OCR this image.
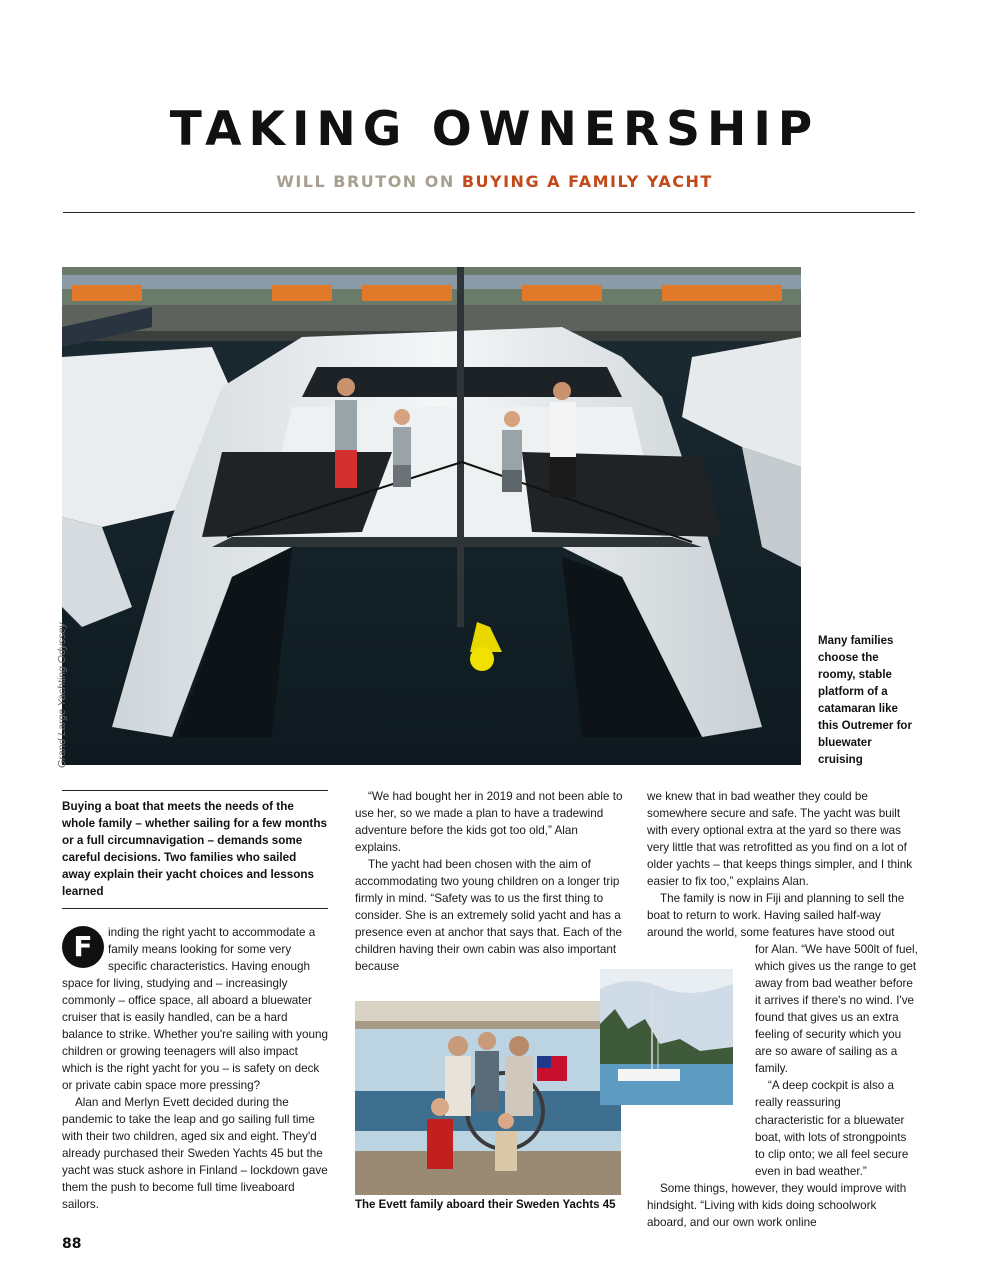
TAKING OWNERSHIP
WILL BRUTON ON BUYING A FAMILY YACHT
Grand Large Yachting Odyssey	Many families choose the roomy, stable platform of a catamaran like this Outremer for bluewater cruising
Buying a boat that meets the needs of the whole family – whether sailing for a few months or a full circumnavigation – demands some careful decisions. Two families who sailed away explain their yacht choices and lessons learned

F	inding the right yacht to accommodate a family means looking for some very specific characteristics. Having enough space for living, studying and – increasingly commonly – office space, all aboard a bluewater cruiser that is easily handled, can be a hard balance to strike. Whether you're sailing with young children or growing teenagers will also impact which is the right yacht for you – is safety on deck or private cabin space more pressing?

Alan and Merlyn Evett decided during the pandemic to take the leap and go sailing full time with their two children, aged six and eight. They'd already purchased their Sweden Yachts 45 but the yacht was stuck ashore in Finland – lockdown gave them the push to become full time liveaboard sailors.

“We had bought her in 2019 and not been able to use her, so we made a plan to have a tradewind adventure before the kids got too old,” Alan explains.

The yacht had been chosen with the aim of accommodating two young children on a longer trip firmly in mind. “Safety was to us the first thing to consider. She is an extremely solid yacht and has a presence even at anchor that says that. Each of the children having their own cabin was also important because

The Evett family aboard their Sweden Yachts 45

we knew that in bad weather they could be somewhere secure and safe. The yacht was built with every optional extra at the yard so there was very little that was retrofitted as you find on a lot of older yachts – that keeps things simpler, and I think easier to fix too,” explains Alan.

The family is now in Fiji and planning to sell the boat to return to work. Having sailed half-way around the world, some features have stood out

for Alan. “We have 500lt of fuel, which gives us the range to get away from bad weather before it arrives if there's no wind. I've found that gives us an extra feeling of security which you are so aware of sailing as a family.

“A deep cockpit is also a really reassuring

characteristic for a bluewater boat, with lots of strongpoints to clip onto; we all feel secure even in bad weather.”

Some things, however, they would improve with hindsight. “Living with kids doing schoolwork aboard, and our own work online

88
